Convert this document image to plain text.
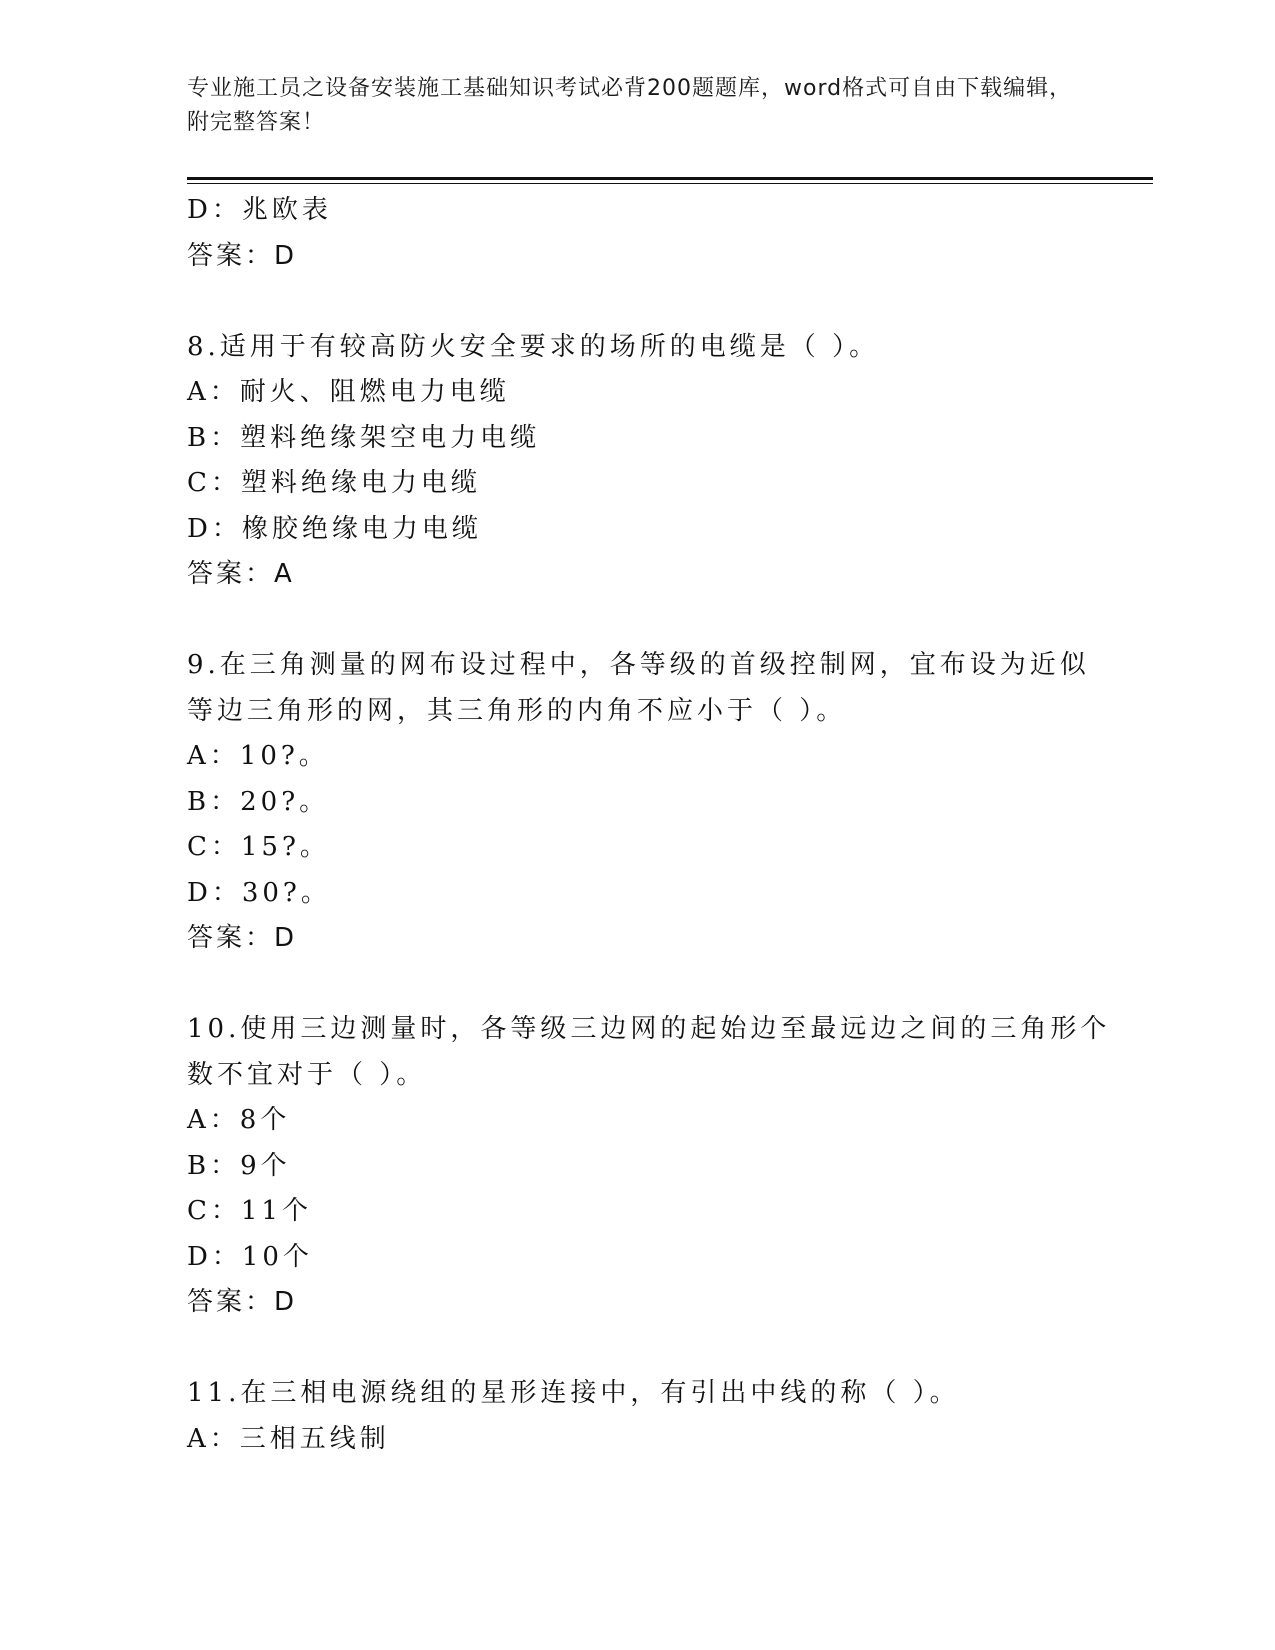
专业施工员之设备安装施工基础知识考试必背200题题库，word格式可自由下载编辑，附完整答案！
D：兆欧表
答案：D
8.适用于有较高防火安全要求的场所的电缆是（ ）。
A：耐火、阻燃电力电缆
B：塑料绝缘架空电力电缆
C：塑料绝缘电力电缆
D：橡胶绝缘电力电缆
答案：A
9.在三角测量的网布设过程中，各等级的首级控制网，宜布设为近似
等边三角形的网，其三角形的内角不应小于（ ）。
A：10?。
B：20?。
C：15?。
D：30?。
答案：D
10.使用三边测量时，各等级三边网的起始边至最远边之间的三角形个
数不宜对于（ ）。
A：8个
B：9个
C：11个
D：10个
答案：D
11.在三相电源绕组的星形连接中，有引出中线的称（ ）。
A：三相五线制
